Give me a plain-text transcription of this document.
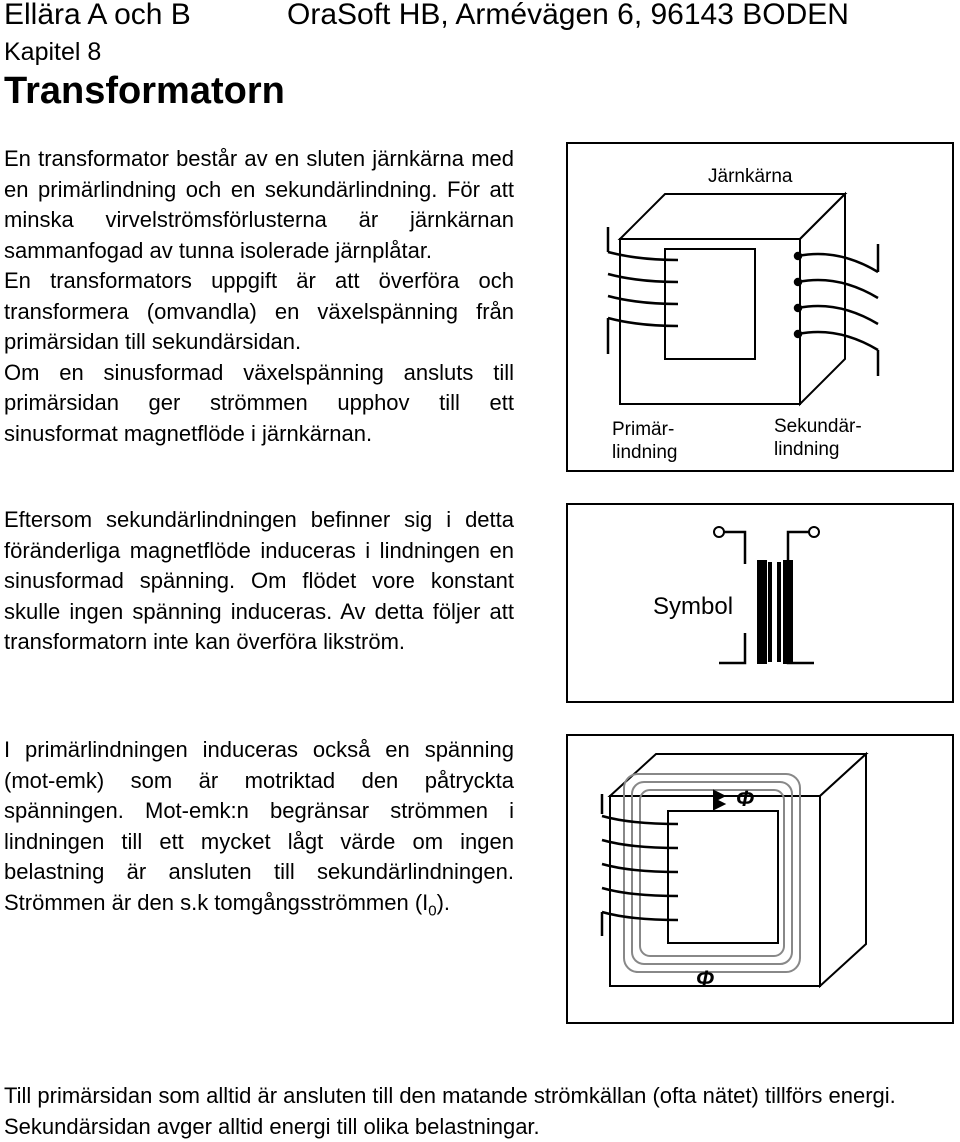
Ellära A och B	OraSoft HB, Armévägen 6, 96143 BODEN
Kapitel 8
Transformatorn

En transformator består av en sluten järnkärna med en primärlindning och en sekundärlindning. För att minska virvelströmsförlusterna är järnkärnan sammanfogad av tunna isolerade järnplåtar.

En transformators uppgift är att överföra och transformera (omvandla) en växelspänning från primärsidan till sekundärsidan.

Om en sinusformad växelspänning ansluts till primärsidan ger strömmen upphov till ett sinusformat magnetflöde i järnkärnan.

Eftersom sekundärlindningen befinner sig i detta föränderliga magnetflöde induceras i lindningen en sinusformad spänning. Om flödet vore konstant skulle ingen spänning induceras. Av detta följer att transformatorn inte kan överföra likström.

I primärlindningen induceras också en spänning (mot-emk) som är motriktad den påtryckta spänningen. Mot-emk:n begränsar strömmen i lindningen till ett mycket lågt värde om ingen belastning är ansluten till sekundärlindningen. Strömmen är den s.k tomgångsströmmen $(I_0)$.

Järnkärna
Primär-
lindning
Sekundär-
lindning
Symbol
Φ
Φ
Till primärsidan som alltid är ansluten till den matande strömkällan (ofta nätet) tillförs energi. Sekundärsidan avger alltid energi till olika belastningar.
